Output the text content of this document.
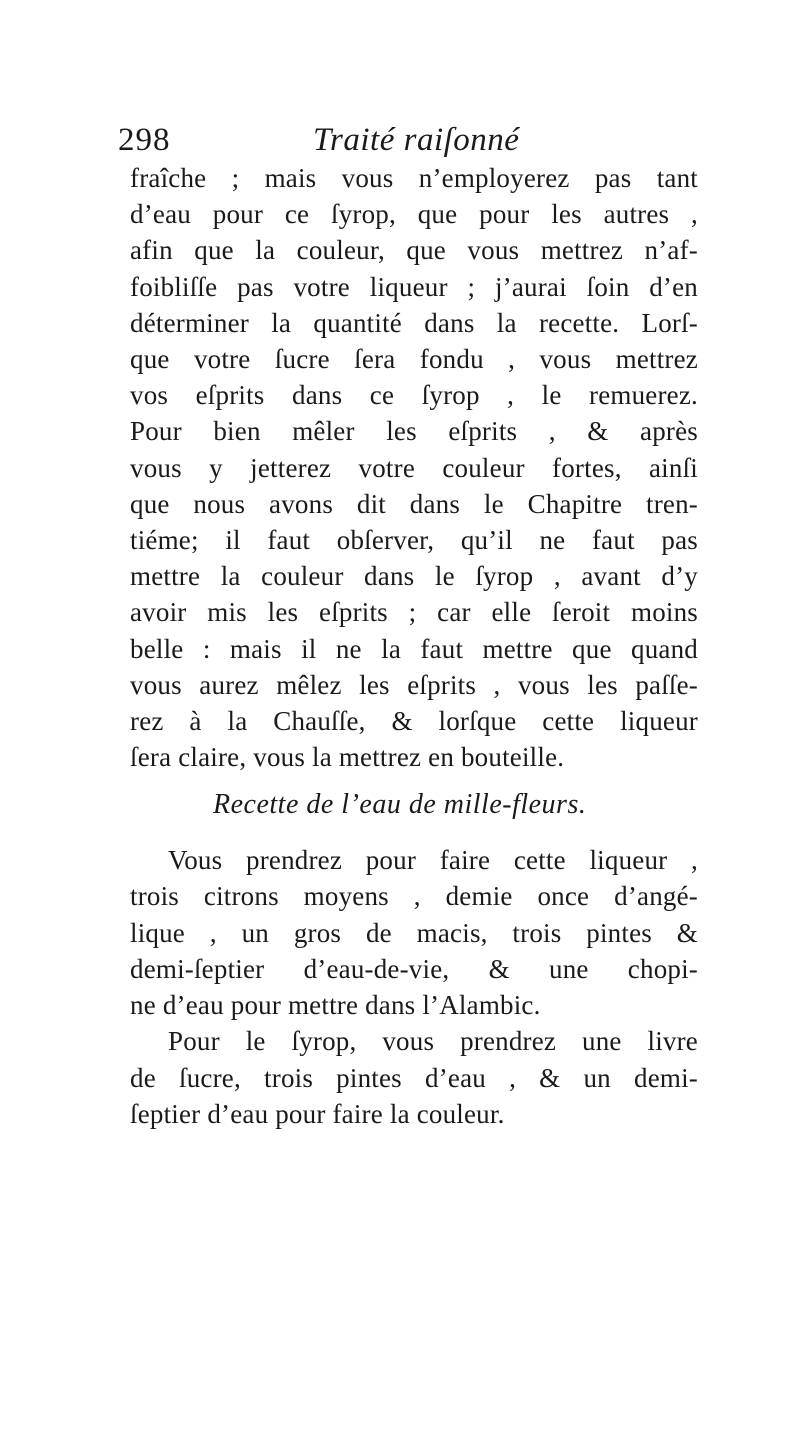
298	Traité raiſonné
fraîche ; mais vous n’employerez pas tant
d’eau pour ce ſyrop, que pour les autres ,
afin que la couleur, que vous mettrez n’af-
foibliſſe pas votre liqueur ; j’aurai ſoin d’en
déterminer la quantité dans la recette. Lorſ-
que votre ſucre ſera fondu , vous mettrez
vos eſprits dans ce ſyrop , le remuerez.
Pour bien mêler les eſprits , & après
vous y jetterez votre couleur fortes, ainſi
que nous avons dit dans le Chapitre tren-
tiéme; il faut obſerver, qu’il ne faut pas
mettre la couleur dans le ſyrop , avant d’y
avoir mis les eſprits ; car elle ſeroit moins
belle : mais il ne la faut mettre que quand
vous aurez mêlez les eſprits , vous les paſſe-
rez à la Chauſſe, & lorſque cette liqueur
ſera claire, vous la mettrez en bouteille.
Recette de l’eau de mille-fleurs.
Vous prendrez pour faire cette liqueur ,
trois citrons moyens , demie once d’angé-
lique , un gros de macis, trois pintes &
demi-ſeptier d’eau-de-vie, & une chopi-
ne d’eau pour mettre dans l’Alambic.
Pour le ſyrop, vous prendrez une livre
de ſucre, trois pintes d’eau , & un demi-
ſeptier d’eau pour faire la couleur.
